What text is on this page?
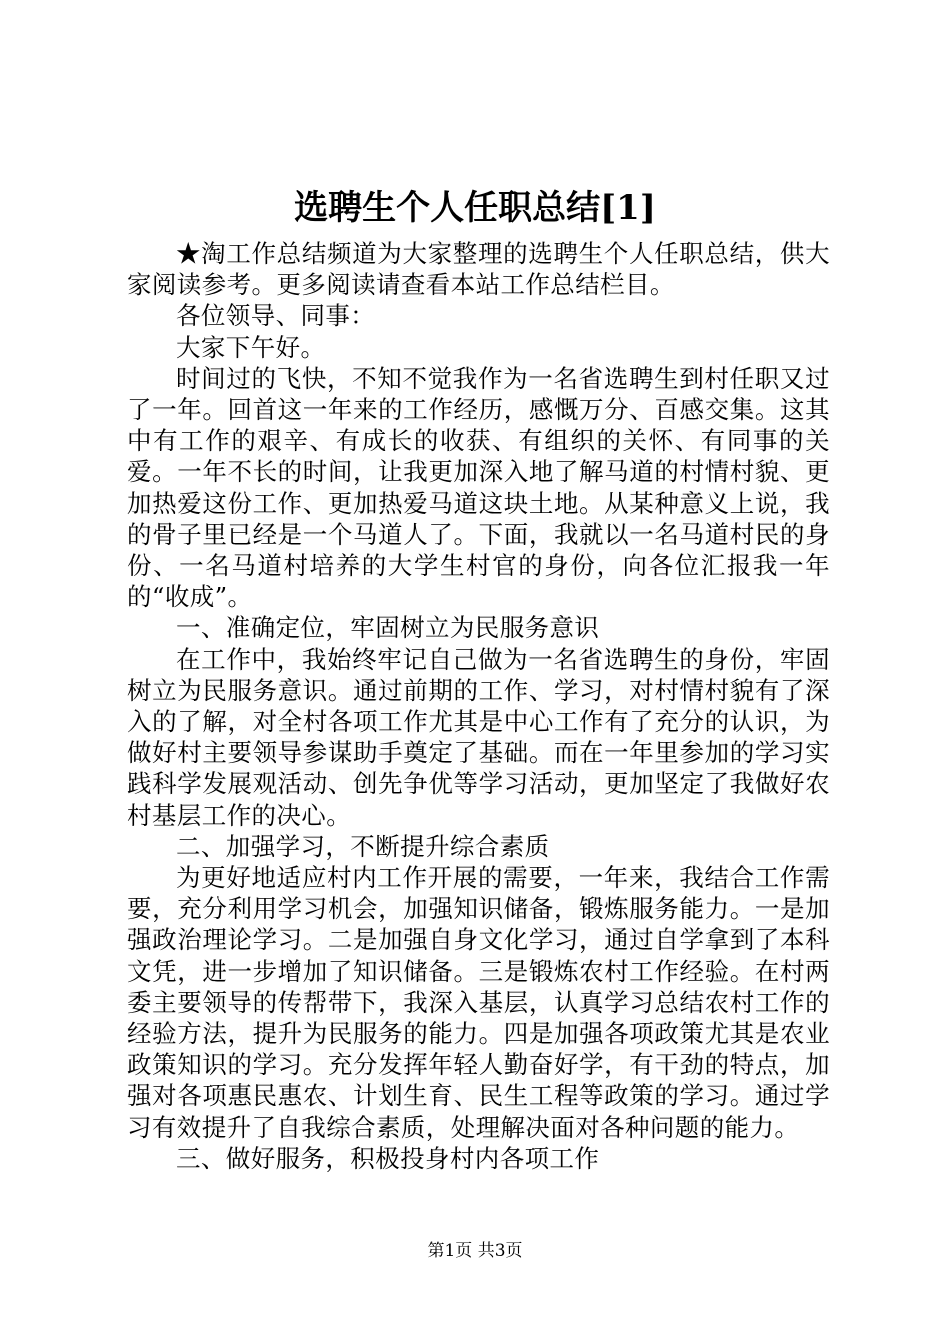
选聘生个人任职总结[1]

★淘工作总结频道为大家整理的选聘生个人任职总结，供大家阅读参考。更多阅读请查看本站工作总结栏目。

各位领导、同事：

大家下午好。

时间过的飞快，不知不觉我作为一名省选聘生到村任职又过了一年。回首这一年来的工作经历，感慨万分、百感交集。这其中有工作的艰辛、有成长的收获、有组织的关怀、有同事的关爱。一年不长的时间，让我更加深入地了解马道的村情村貌、更加热爱这份工作、更加热爱马道这块土地。从某种意义上说，我的骨子里已经是一个马道人了。下面，我就以一名马道村民的身份、一名马道村培养的大学生村官的身份，向各位汇报我一年的“收成”。

一、准确定位，牢固树立为民服务意识

在工作中，我始终牢记自己做为一名省选聘生的身份，牢固树立为民服务意识。通过前期的工作、学习，对村情村貌有了深入的了解，对全村各项工作尤其是中心工作有了充分的认识，为做好村主要领导参谋助手奠定了基础。而在一年里参加的学习实践科学发展观活动、创先争优等学习活动，更加坚定了我做好农村基层工作的决心。

二、加强学习，不断提升综合素质

为更好地适应村内工作开展的需要，一年来，我结合工作需要，充分利用学习机会，加强知识储备，锻炼服务能力。一是加强政治理论学习。二是加强自身文化学习，通过自学拿到了本科文凭，进一步增加了知识储备。三是锻炼农村工作经验。在村两委主要领导的传帮带下，我深入基层，认真学习总结农村工作的经验方法，提升为民服务的能力。四是加强各项政策尤其是农业政策知识的学习。充分发挥年轻人勤奋好学，有干劲的特点，加强对各项惠民惠农、计划生育、民生工程等政策的学习。通过学习有效提升了自我综合素质，处理解决面对各种问题的能力。

三、做好服务，积极投身村内各项工作

第1页 共3页
